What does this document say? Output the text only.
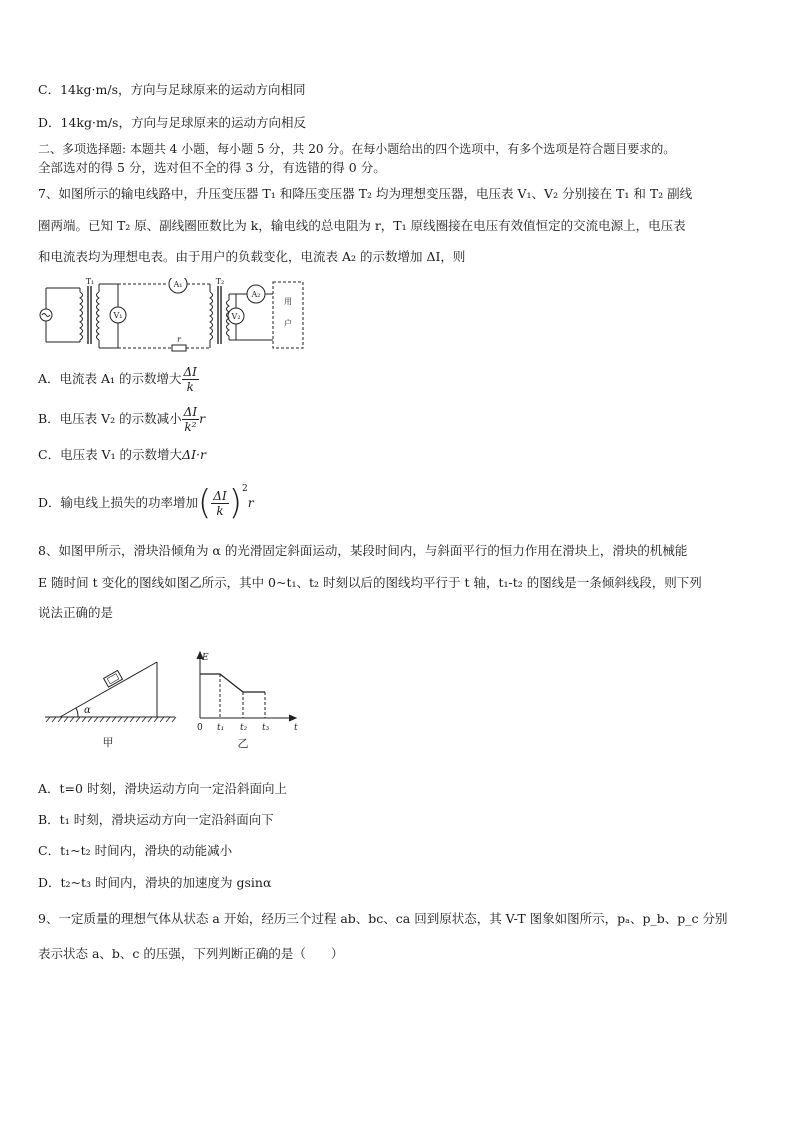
C．14kg·m/s，方向与足球原来的运动方向相同
D．14kg·m/s，方向与足球原来的运动方向相反
二、多项选择题: 本题共 4 小题，每小题 5 分，共 20 分。在每小题给出的四个选项中，有多个选项是符合题目要求的。
全部选对的得 5 分，选对但不全的得 3 分，有选错的得 0 分。
7、如图所示的输电线路中，升压变压器 T₁ 和降压变压器 T₂ 均为理想变压器，电压表 V₁、V₂ 分别接在 T₁ 和 T₂ 副线
圈两端。已知 T₂ 原、副线圈匝数比为 k，输电线的总电阻为 r，T₁ 原线圈接在电压有效值恒定的交流电源上，电压表
和电流表均为理想电表。由于用户的负载变化，电流表 A₂ 的示数增加 ΔI，则
T₁	T₂
V₁
A₁
A₂
V₂
r
用
户
A．电流表 A₁ 的示数增大 $\frac{\Delta I}{k}$
B．电压表 V₂ 的示数减小 $\frac{\Delta I}{\text{k²}}$ r
C．电压表 V₁ 的示数增大ΔI·r
D．输电线上损失的功率增加 ( $\frac{\Delta I}{k}$ ) 2
r
8、如图甲所示，滑块沿倾角为 α 的光滑固定斜面运动，某段时间内，与斜面平行的恒力作用在滑块上，滑块的机械能
E 随时间 t 变化的图线如图乙所示，其中 0~t₁、t₂ 时刻以后的图线均平行于 t 轴，t₁-t₂ 的图线是一条倾斜线段，则下列
说法正确的是
α
甲
E
t
0 t₁ t₂ t₃
乙
A．t=0 时刻，滑块运动方向一定沿斜面向上
B．t₁ 时刻，滑块运动方向一定沿斜面向下
C．t₁~t₂ 时间内，滑块的动能减小
D．t₂~t₃ 时间内，滑块的加速度为 gsinα
9、一定质量的理想气体从状态 a 开始，经历三个过程 ab、bc、ca 回到原状态，其 V-T 图象如图所示，pₐ、p_b、p_c 分别
表示状态 a、b、c 的压强，下列判断正确的是（　　）
